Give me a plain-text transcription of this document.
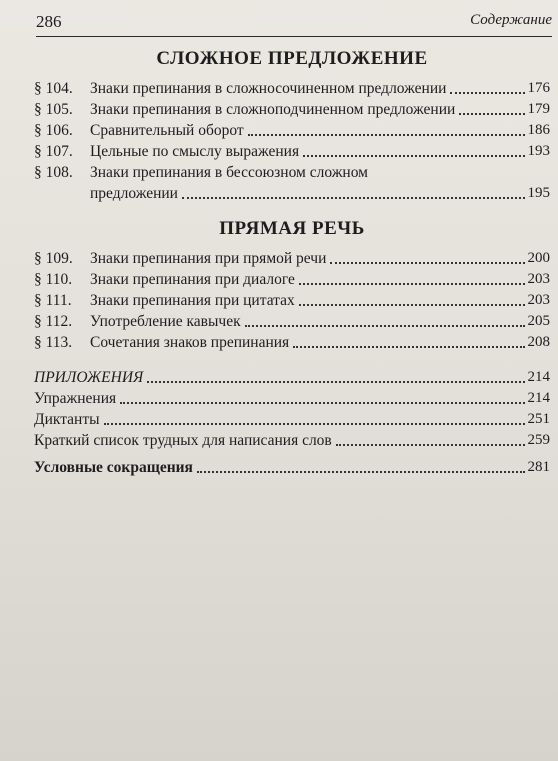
286	Содержание
СЛОЖНОЕ ПРЕДЛОЖЕНИЕ
§ 104.	Знаки препинания в сложносочиненном предложении	176
§ 105.	Знаки препинания в сложноподчиненном предложении	179
§ 106.	Сравнительный оборот	186
§ 107.	Цельные по смыслу выражения	193
§ 108. Знаки препинания в бессоюзном сложном
предложении	195
ПРЯМАЯ РЕЧЬ
§ 109.	Знаки препинания при прямой речи	200
§ 110.	Знаки препинания при диалоге	203
§ 111.	Знаки препинания при цитатах	203
§ 112.	Употребление кавычек	205
§ 113.	Сочетания знаков препинания	208
ПРИЛОЖЕНИЯ	214
Упражнения	214
Диктанты	251
Краткий список трудных для написания слов	259
Условные сокращения	281
